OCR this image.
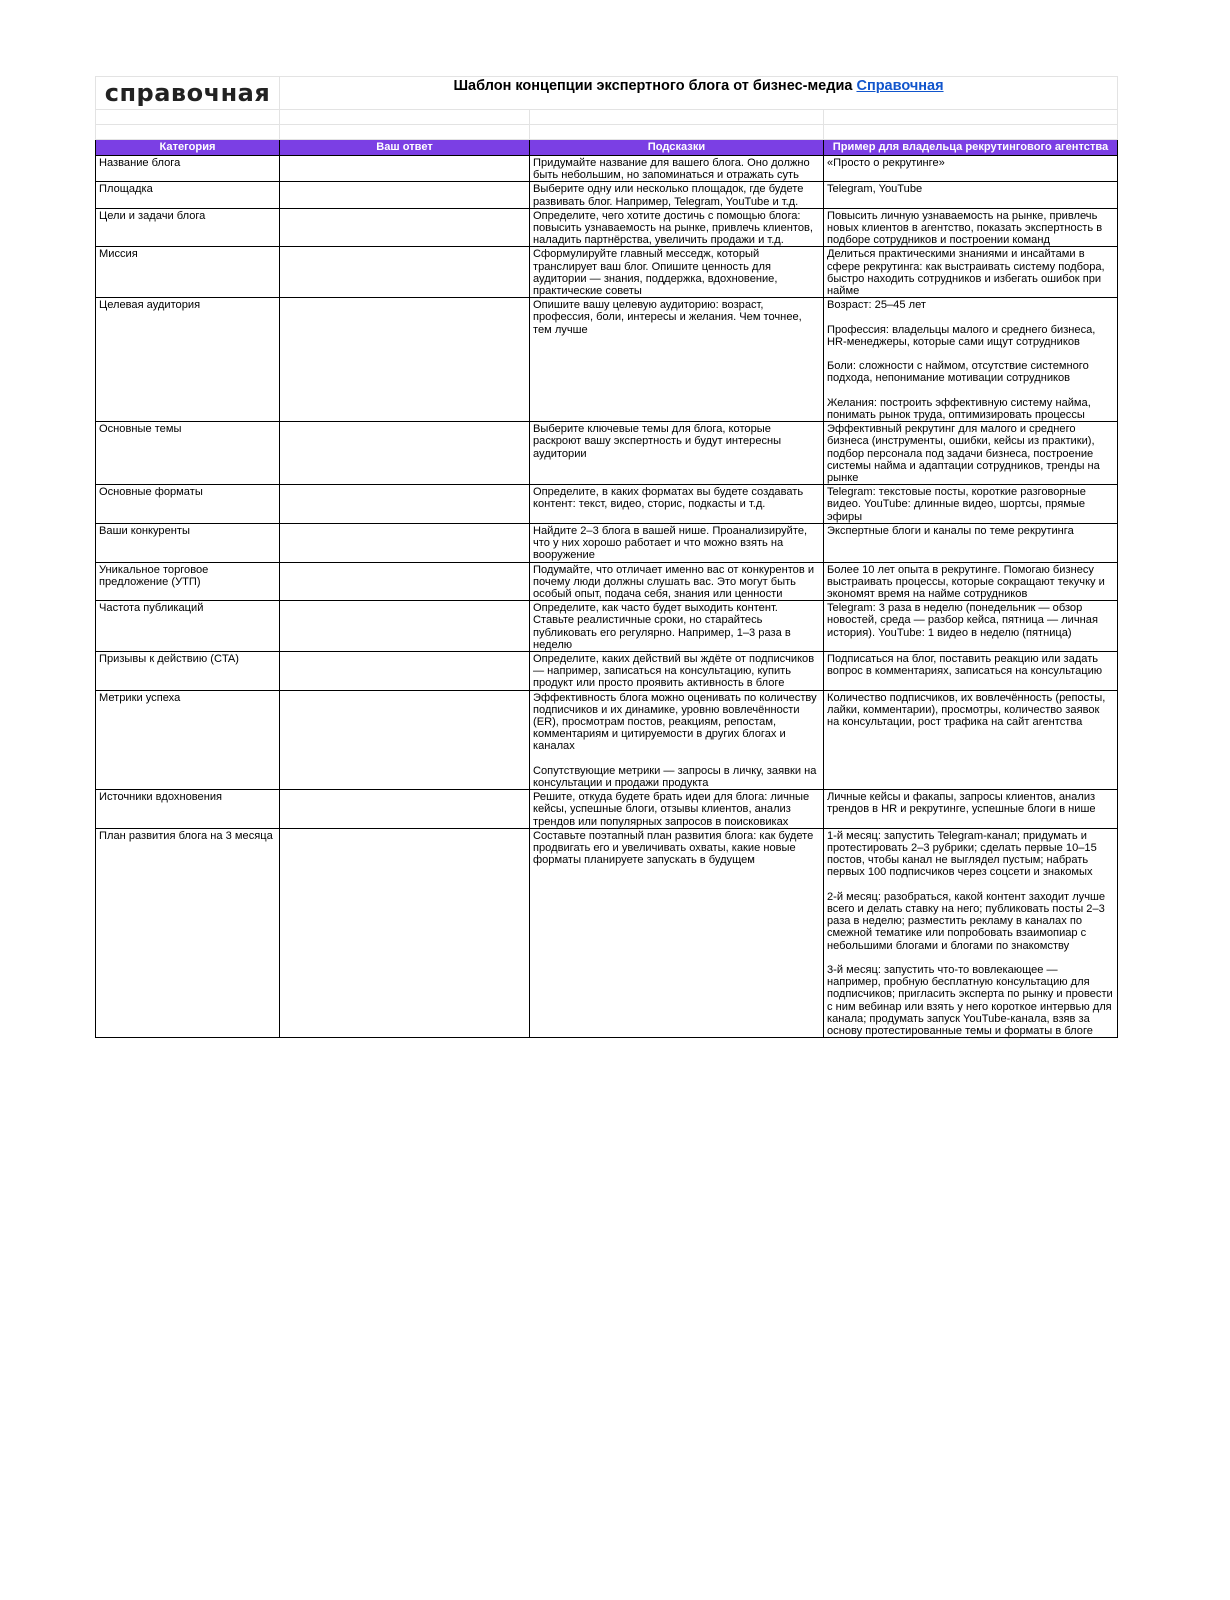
справочная	Шаблон концепции экспертного блога от бизнес-медиа Справочная		

Категория	Ваш ответ	Подсказки	Пример для владельца рекрутингового агентства
Название блога		Придумайте название для вашего блога. Оно должно быть небольшим, но запоминаться и отражать суть	«Просто о рекрутинге»
Площадка		Выберите одну или несколько площадок, где будете развивать блог. Например, Telegram, YouTube и т.д.	Telegram, YouTube
Цели и задачи блога		Определите, чего хотите достичь с помощью блога: повысить узнаваемость на рынке, привлечь клиентов, наладить партнёрства, увеличить продажи и т.д.	Повысить личную узнаваемость на рынке, привлечь новых клиентов в агентство, показать экспертность в подборе сотрудников и построении команд
Миссия		Сформулируйте главный месседж, который транслирует ваш блог. Опишите ценность для аудитории — знания, поддержка, вдохновение, практические советы	Делиться практическими знаниями и инсайтами в сфере рекрутинга: как выстраивать систему подбора, быстро находить сотрудников и избегать ошибок при найме
Целевая аудитория		Опишите вашу целевую аудиторию: возраст, профессия, боли, интересы и желания. Чем точнее, тем лучше	Возраст: 25–45 лет

Профессия: владельцы малого и среднего бизнеса, HR-менеджеры, которые сами ищут сотрудников

Боли: сложности с наймом, отсутствие системного подхода, непонимание мотивации сотрудников

Желания: построить эффективную систему найма, понимать рынок труда, оптимизировать процессы
Основные темы		Выберите ключевые темы для блога, которые раскроют вашу экспертность и будут интересны аудитории	Эффективный рекрутинг для малого и среднего бизнеса (инструменты, ошибки, кейсы из практики), подбор персонала под задачи бизнеса, построение системы найма и адаптации сотрудников, тренды на рынке
Основные форматы		Определите, в каких форматах вы будете создавать контент: текст, видео, сторис, подкасты и т.д.	Telegram: текстовые посты, короткие разговорные видео. YouTube: длинные видео, шортсы, прямые эфиры
Ваши конкуренты		Найдите 2–3 блога в вашей нише. Проанализируйте, что у них хорошо работает и что можно взять на вооружение	Экспертные блоги и каналы по теме рекрутинга
Уникальное торговое предложение (УТП)		Подумайте, что отличает именно вас от конкурентов и почему люди должны слушать вас. Это могут быть особый опыт, подача себя, знания или ценности	Более 10 лет опыта в рекрутинге. Помогаю бизнесу выстраивать процессы, которые сокращают текучку и экономят время на найме сотрудников
Частота публикаций		Определите, как часто будет выходить контент. Ставьте реалистичные сроки, но старайтесь публиковать его регулярно. Например, 1–3 раза в неделю	Telegram: 3 раза в неделю (понедельник — обзор новостей, среда — разбор кейса, пятница — личная история). YouTube: 1 видео в неделю (пятница)
Призывы к действию (CTA)		Определите, каких действий вы ждёте от подписчиков — например, записаться на консультацию, купить продукт или просто проявить активность в блоге	Подписаться на блог, поставить реакцию или задать вопрос в комментариях, записаться на консультацию
Метрики успеха		Эффективность блога можно оценивать по количеству подписчиков и их динамике, уровню вовлечённости (ER), просмотрам постов, реакциям, репостам, комментариям и цитируемости в других блогах и каналах

Сопутствующие метрики — запросы в личку, заявки на консультации и продажи продукта	Количество подписчиков, их вовлечённость (репосты, лайки, комментарии), просмотры, количество заявок на консультации, рост трафика на сайт агентства
Источники вдохновения		Решите, откуда будете брать идеи для блога: личные кейсы, успешные блоги, отзывы клиентов, анализ трендов или популярных запросов в поисковиках	Личные кейсы и факапы, запросы клиентов, анализ трендов в HR и рекрутинге, успешные блоги в нише
План развития блога на 3 месяца		Составьте поэтапный план развития блога: как будете продвигать его и увеличивать охваты, какие новые форматы планируете запускать в будущем	1-й месяц: запустить Telegram-канал; придумать и протестировать 2–3 рубрики; сделать первые 10–15 постов, чтобы канал не выглядел пустым; набрать первых 100 подписчиков через соцсети и знакомых

2-й месяц: разобраться, какой контент заходит лучше всего и делать ставку на него; публиковать посты 2–3 раза в неделю; разместить рекламу в каналах по смежной тематике или попробовать взаимопиар с небольшими блогами и блогами по знакомству

3-й месяц: запустить что-то вовлекающее — например, пробную бесплатную консультацию для подписчиков; пригласить эксперта по рынку и провести с ним вебинар или взять у него короткое интервью для канала; продумать запуск YouTube-канала, взяв за основу протестированные темы и форматы в блоге
